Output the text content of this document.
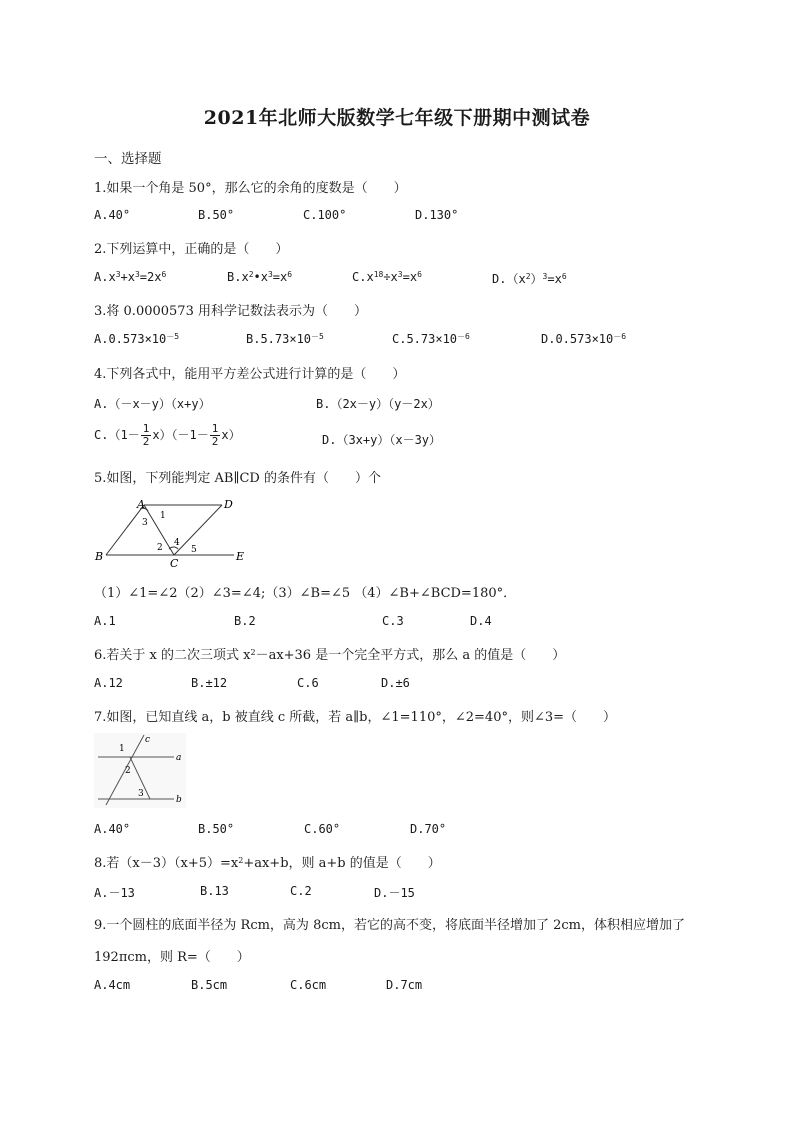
2021年北师大版数学七年级下册期中测试卷
一、选择题
1.如果一个角是 50°，那么它的余角的度数是（　　）
A.40°	B.50°	C.100°	D.130°
2.下列运算中，正确的是（　　）
$A.x^3+x^3=2x^6$	$B.x^2•x^3=x^6$	$C.x^{18}\div x^3=x^6$	$D.(x^2)^3=x^6$
3.将 0.0000573 用科学记数法表示为（　　）
$A.0.573\times 10^{-5}$	$B.5.73\times 10^{-5}$	$C.5.73\times 10^{-6}$	$D.0.573\times 10^{-6}$
4.下列各式中，能用平方差公式进行计算的是（　　）
A.（－x－y）（x+y）	B.（2x－y）（y－2x）
$C.(1- \frac{1}{2} x)(-1- \frac{1}{2} x)$	D.（3x+y）（x－3y）
5.如图，下列能判定 AB∥CD 的条件有（　　）个
A	D
B
C
E
1
3
2 4
5
（1）∠1=∠2（2）∠3=∠4;（3）∠B=∠5 （4）∠B+∠BCD=180°．
A.1	B.2	C.3	D.4
6.若关于 x 的二次三项式 $x^2-ax+36$ 是一个完全平方式，那么 a 的值是（　　）
A.12	B.±12	C.6	D.±6
7.如图，已知直线 a，b 被直线 c 所截，若 a∥b，∠1=110°，∠2=40°，则∠3=（　　）
c
a
b
1
2
3
A.40°	B.50°	C.60°	D.70°
8.若$(x-3)(x+5)=x^2+ax+b$，则 a+b 的值是（　　）
A.－13	B.13	C.2	D.－15
9.一个圆柱的底面半径为 Rcm，高为 8cm，若它的高不变，将底面半径增加了 2cm，体积相应增加了
192πcm，则 R=（　　）
A.4cm	B.5cm	C.6cm	D.7cm
